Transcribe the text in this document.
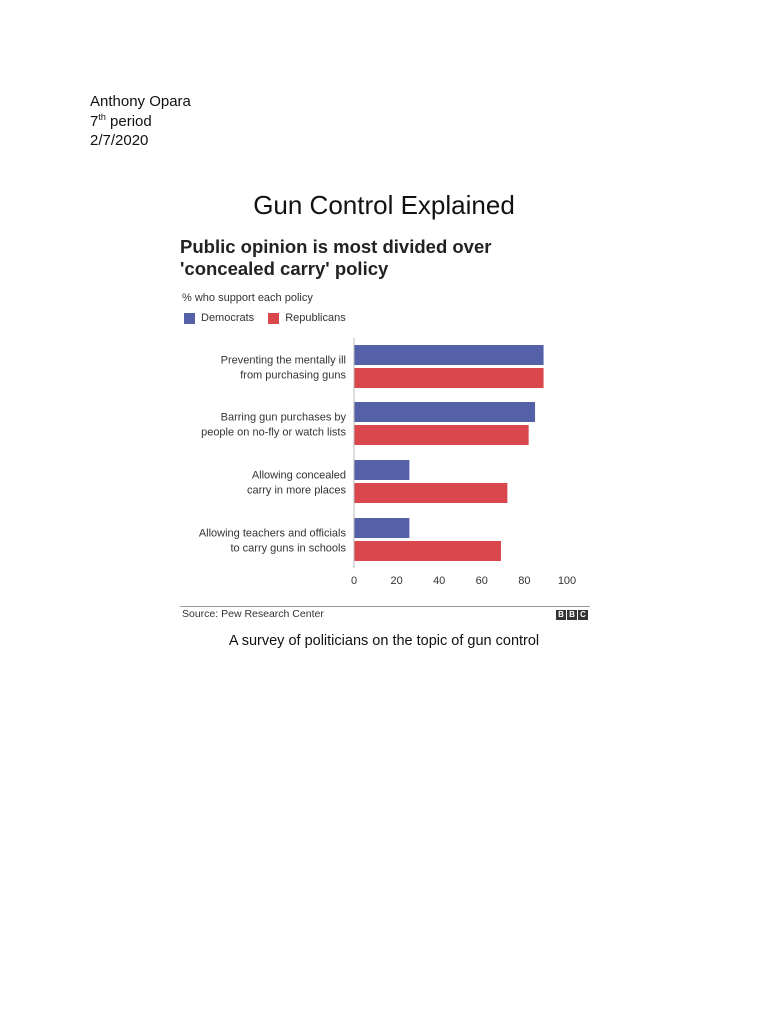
Anthony Opara
7th period
2/7/2020
Gun Control Explained
Public opinion is most divided over
'concealed carry' policy
% who support each policy
Democrats	Republicans
Preventing the mentally ill
from purchasing guns
Barring gun purchases by
people on no-fly or watch lists
Allowing concealed
carry in more places
Allowing teachers and officials
to carry guns in schools
0	20	40	60	80 100
Source: Pew Research Center	B B C
A survey of politicians on the topic of gun control
